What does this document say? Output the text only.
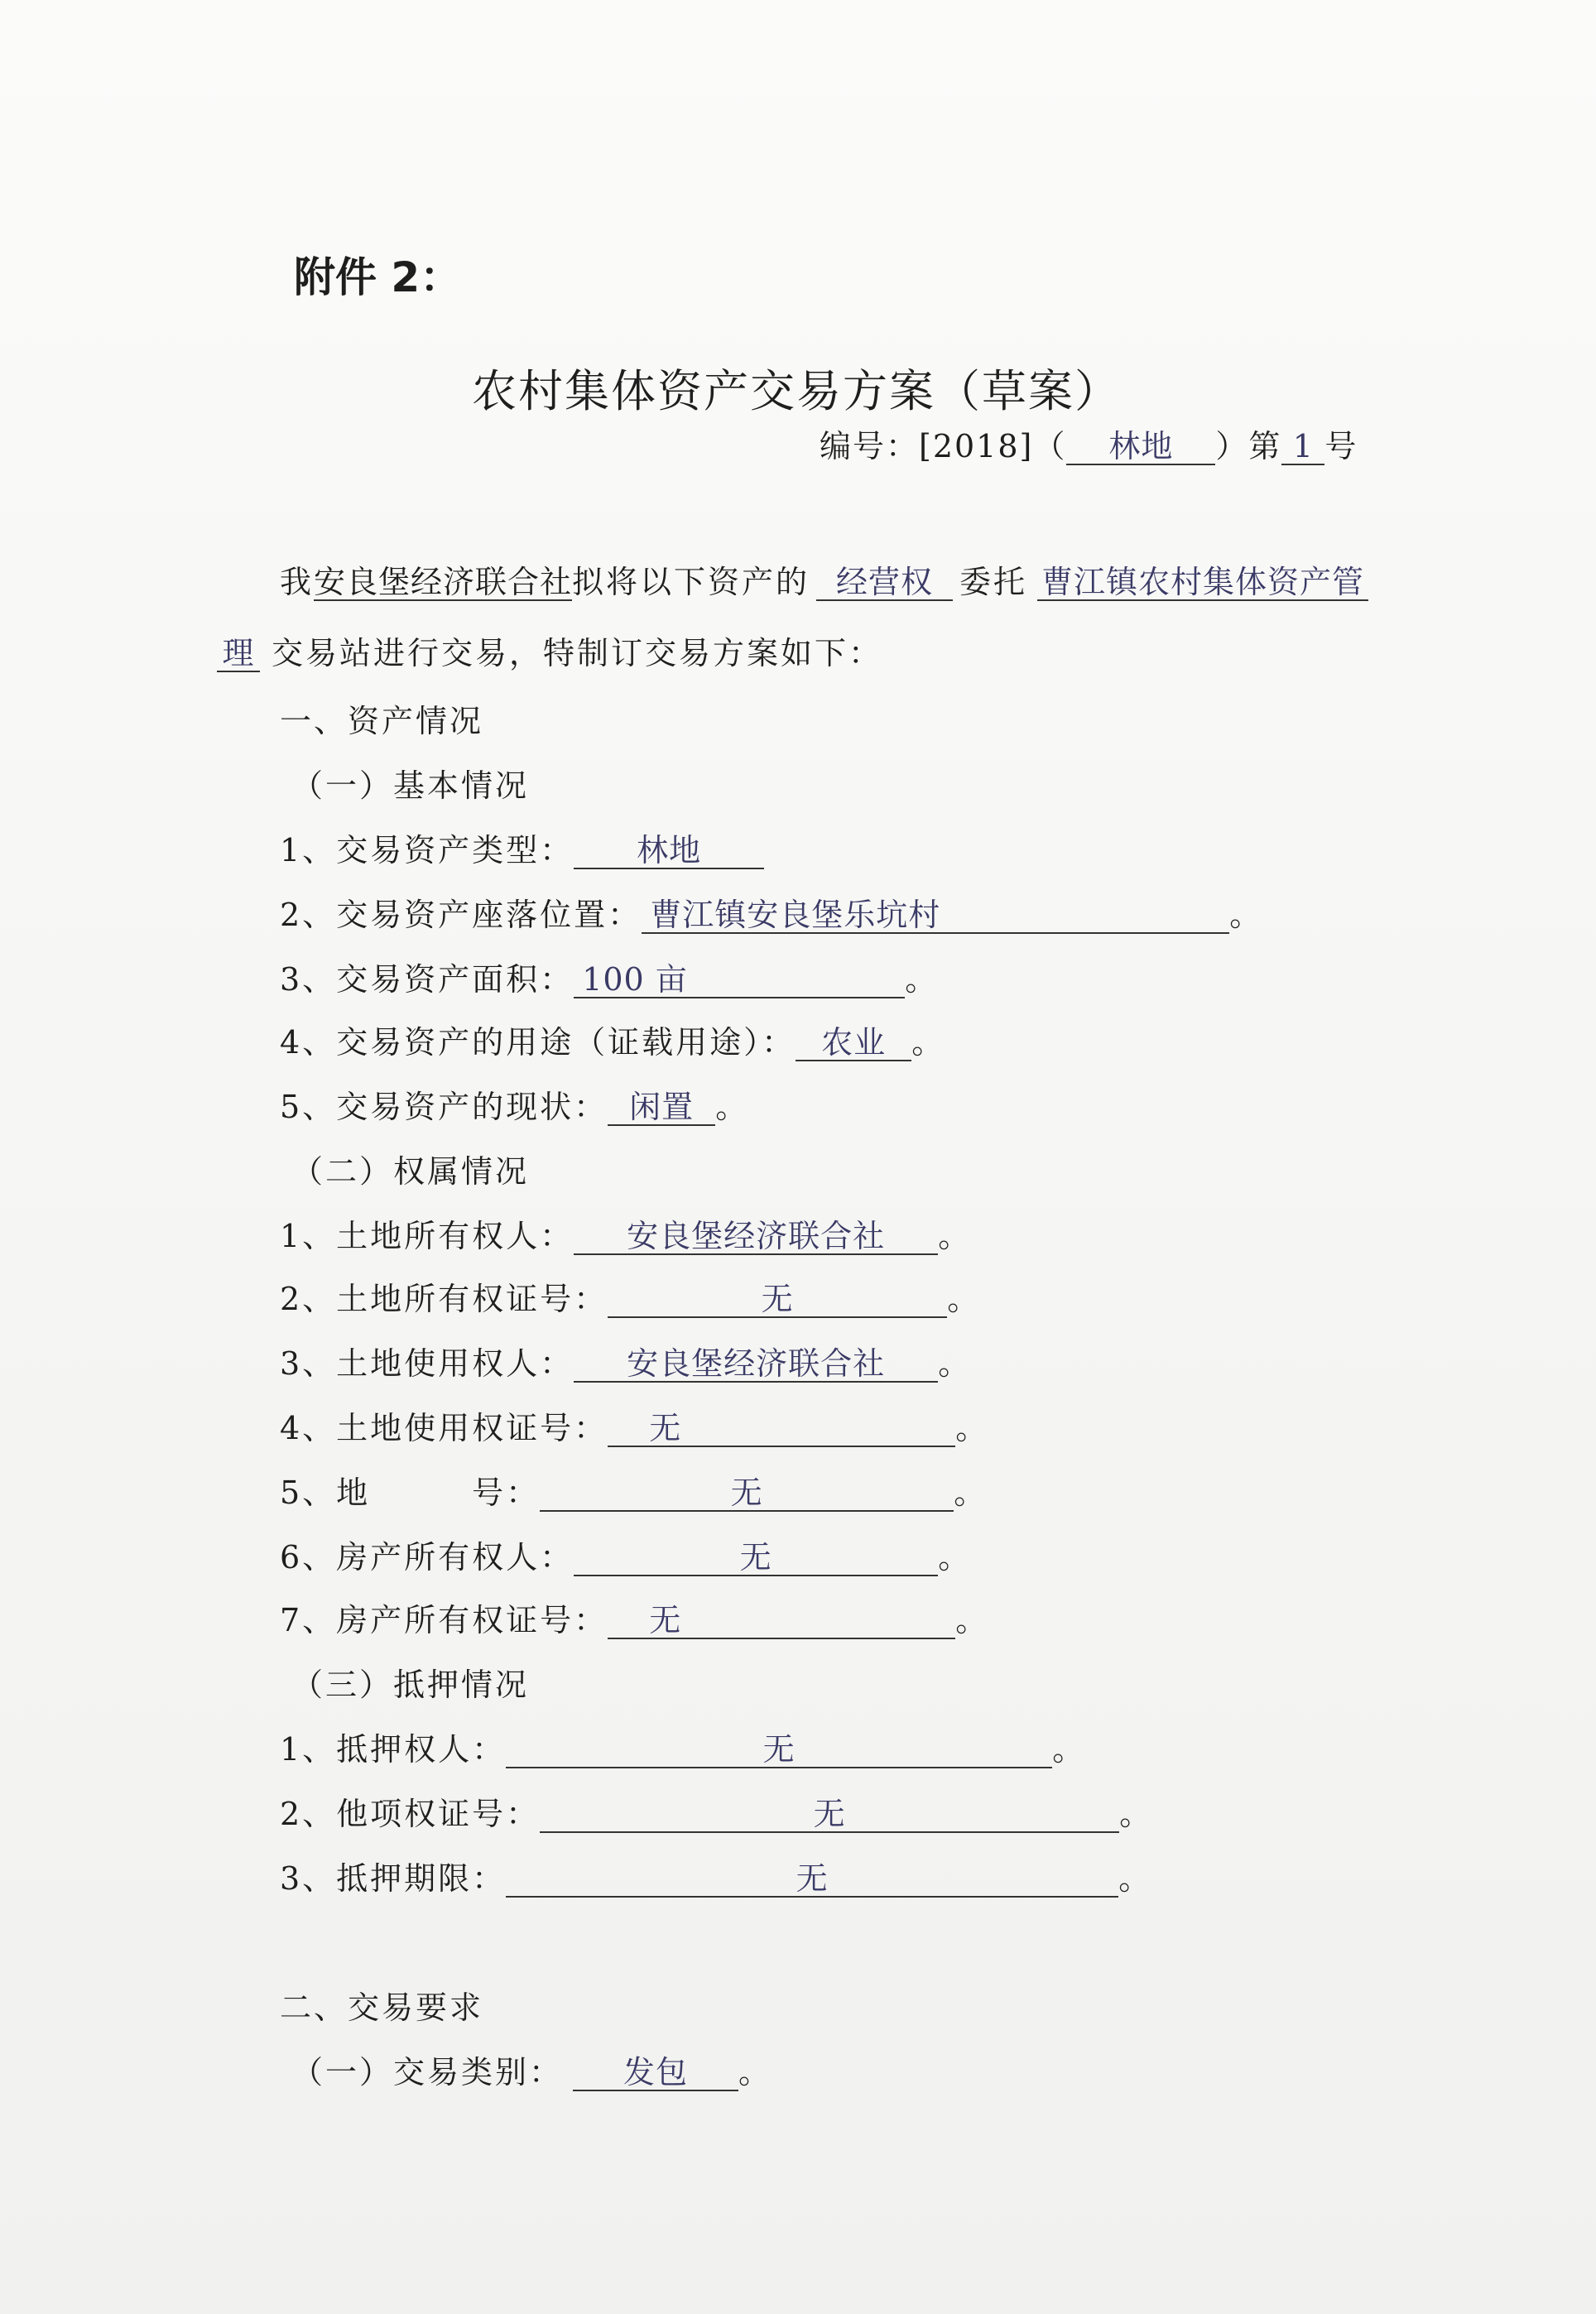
附件 2：
农村集体资产交易方案（草案）
编号：[2018]（ 林地 ）第 1 号
我安良堡经济联合社拟将以下资产的 经营权 委托 曹江镇农村集体资产管
理 交易站进行交易，特制订交易方案如下：
一、资产情况
（一）基本情况
1、交易资产类型： 林地
2、交易资产座落位置： 曹江镇安良堡乐坑村	。
3、交易资产面积： 100 亩	。
4、交易资产的用途（证载用途）： 农业 。
5、交易资产的现状： 闲置 。
（二）权属情况
1、土地所有权人： 安良堡经济联合社 。
2、土地所有权证号：	无	。
3、土地使用权人： 安良堡经济联合社 。
4、土地使用权证号： 无	。
5、地　　　号：	无	。
6、房产所有权人：	无	。
7、房产所有权证号： 无	。
（三）抵押情况
1、抵押权人：	无	。
2、他项权证号：	无	。
3、抵押期限：	无	。
二、交易要求
（一）交易类别： 发包 。
